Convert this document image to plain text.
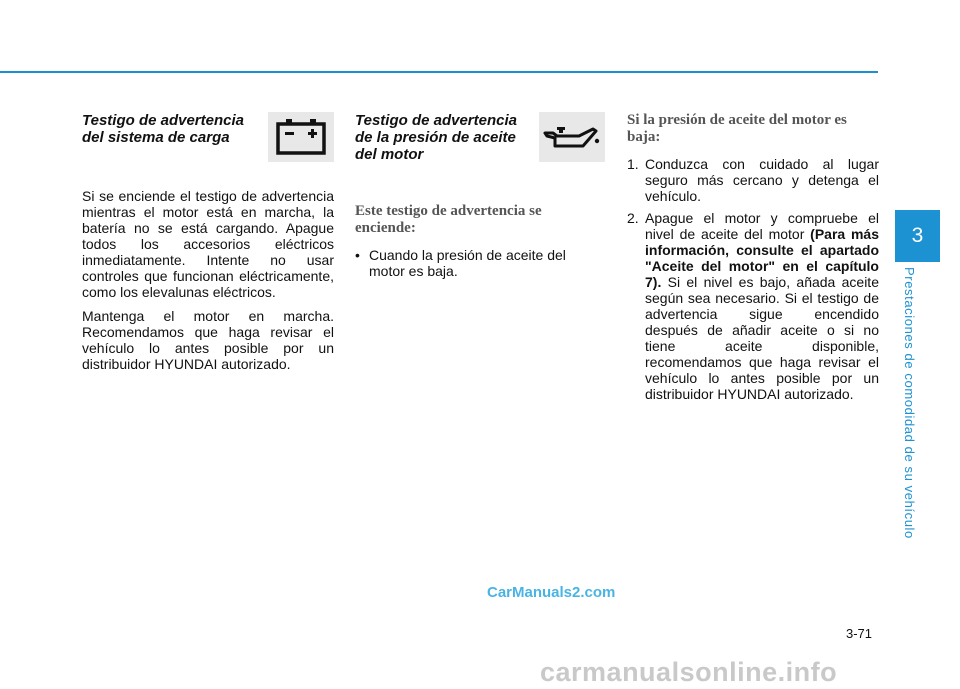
3
Prestaciones de comodidad de su vehículo
Testigo de advertencia del sistema de carga

Si se enciende el testigo de advertencia mientras el motor está en marcha, la batería no se está cargando. Apague todos los accesorios eléctricos inmediatamente. Intente no usar controles que funcionan eléctricamente, como los elevalunas eléctricos.

Mantenga el motor en marcha. Recomendamos que haga revisar el vehículo lo antes posible por un distribuidor HYUNDAI autorizado.

Testigo de advertencia de la presión de aceite del motor
Este testigo de advertencia se enciende:
• Cuando la presión de aceite del motor es baja.
Si la presión de aceite del motor es baja:
1. Conduzca con cuidado al lugar seguro más cercano y detenga el vehículo.
2. Apague el motor y compruebe el nivel de aceite del motor (Para más información, consulte el apartado "Aceite del motor" en el capítulo 7). Si el nivel es bajo, añada aceite según sea necesario. Si el testigo de advertencia sigue encendido después de añadir aceite o si no tiene aceite disponible, recomendamos que haga revisar el vehículo lo antes posible por un distribuidor HYUNDAI autorizado.
CarManuals2.com
3-71
carmanualsonline.info
